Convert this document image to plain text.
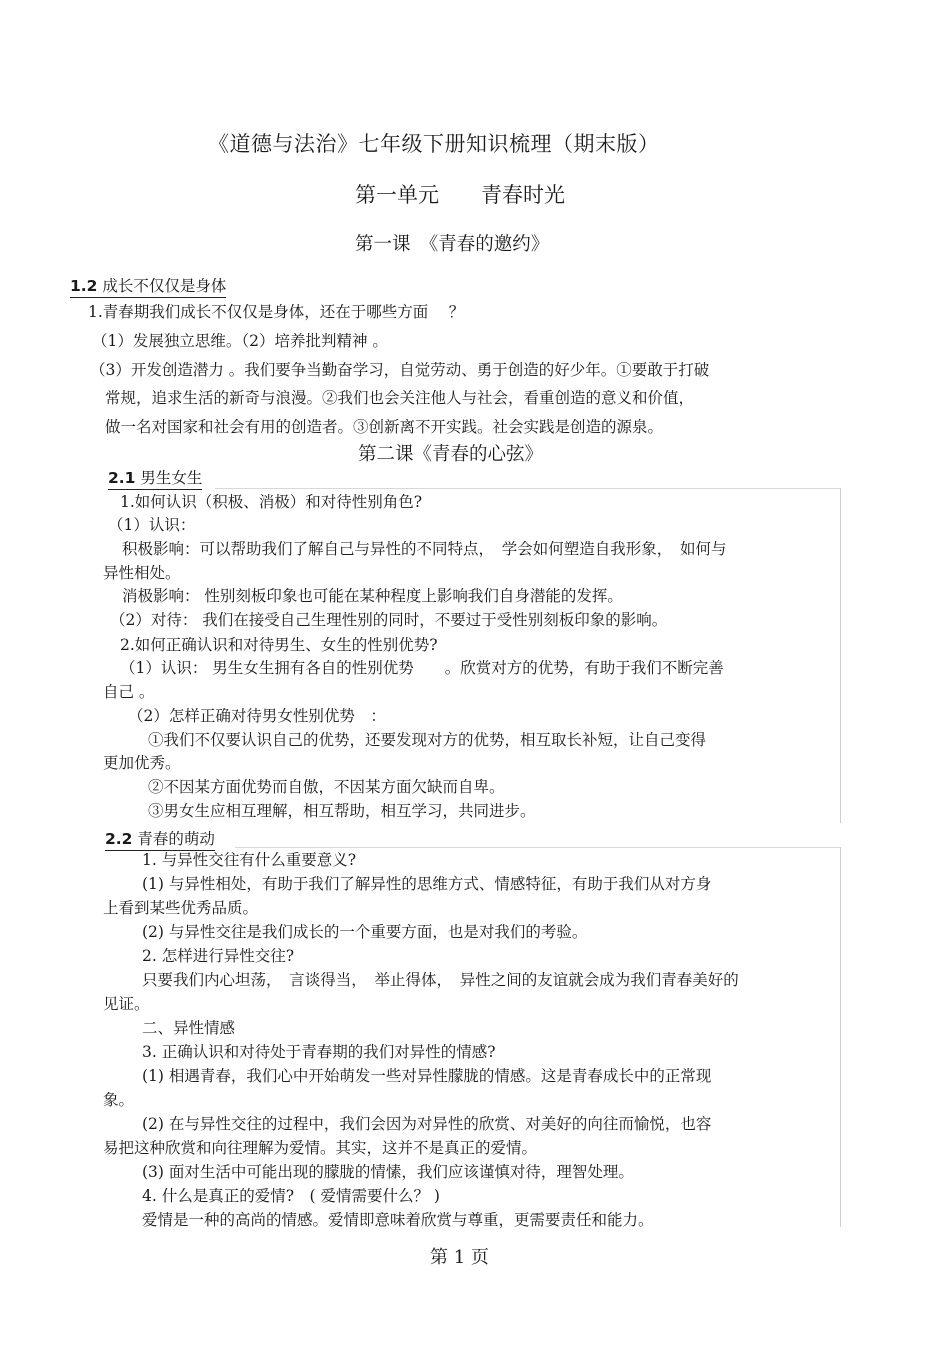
《道德与法治》七年级下册知识梳理（期末版）
第一单元　　青春时光
第一课　《青春的邀约》
1.2 成长不仅仅是身体
1.青春期我们成长不仅仅是身体，还在于哪些方面　 ？
（1）发展独立思维。（2）培养批判精神 。
（3）开发创造潜力 。我们要争当勤奋学习，自觉劳动、勇于创造的好少年。①要敢于打破
常规，追求生活的新奇与浪漫。②我们也会关注他人与社会，看重创造的意义和价值，
做一名对国家和社会有用的创造者。③创新离不开实践。社会实践是创造的源泉。
第二课《青春的心弦》
2.1 男生女生
1.如何认识（积极、消极）和对待性别角色?
（1）认识：
积极影响：可以帮助我们了解自己与异性的不同特点，　学会如何塑造自我形象，　如何与
异性相处。
消极影响： 性别刻板印象也可能在某种程度上影响我们自身潜能的发挥。
（2）对待： 我们在接受自己生理性别的同时，不要过于受性别刻板印象的影响。
2.如何正确认识和对待男生、女生的性别优势?
（1）认识： 男生女生拥有各自的性别优势　　。欣赏对方的优势，有助于我们不断完善
自己 。
（2）怎样正确对待男女性别优势　：
①我们不仅要认识自己的优势，还要发现对方的优势，相互取长补短，让自己变得
更加优秀。
②不因某方面优势而自傲，不因某方面欠缺而自卑。
③男女生应相互理解，相互帮助，相互学习，共同进步。
2.2 青春的萌动
1. 与异性交往有什么重要意义?
(1) 与异性相处，有助于我们了解异性的思维方式、情感特征，有助于我们从对方身
上看到某些优秀品质。
(2) 与异性交往是我们成长的一个重要方面，也是对我们的考验。
2. 怎样进行异性交往?
只要我们内心坦荡，　言谈得当，　举止得体，　异性之间的友谊就会成为我们青春美好的
见证。
二、异性情感
3. 正确认识和对待处于青春期的我们对异性的情感?
(1) 相遇青春，我们心中开始萌发一些对异性朦胧的情感。这是青春成长中的正常现
象。
(2) 在与异性交往的过程中，我们会因为对异性的欣赏、对美好的向往而愉悦，也容
易把这种欣赏和向往理解为爱情。其实，这并不是真正的爱情。
(3) 面对生活中可能出现的朦胧的情愫，我们应该谨慎对待，理智处理。
4. 什么是真正的爱情?　( 爱情需要什么？ )
爱情是一种的高尚的情感。爱情即意味着欣赏与尊重，更需要责任和能力。
第 1 页
